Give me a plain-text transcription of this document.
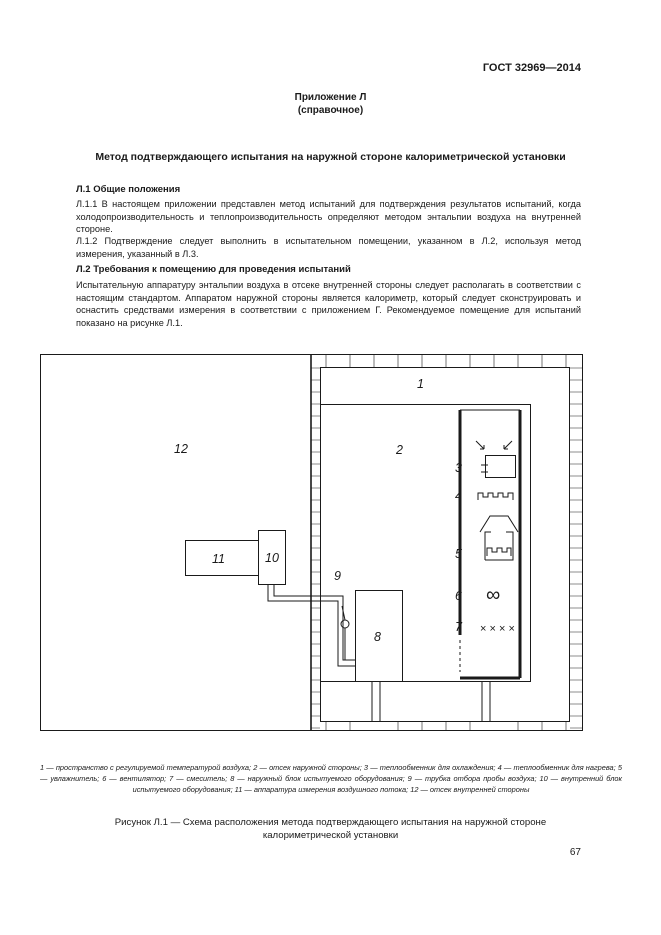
ГОСТ 32969—2014
Приложение Л
(справочное)
Метод подтверждающего испытания на наружной стороне калориметрической установки
Л.1 Общие положения
Л.1.1 В настоящем приложении представлен метод испытаний для подтверждения результатов испытаний, когда холодопроизводительность и теплопроизводительность определяют методом энтальпии воздуха на внутренней стороне.
Л.1.2 Подтверждение следует выполнить в испытательном помещении, указанном в Л.2, используя метод измерения, указанный в Л.3.
Л.2 Требования к помещению для проведения испытаний
Испытательную аппаратуру энтальпии воздуха в отсеке внутренней стороны следует располагать в соответствии с настоящим стандартом. Аппаратом наружной стороны является калориметр, который следует сконструировать и оснастить средствами измерения в соответствии с приложением Г. Рекомендуемое помещение для испытаний показано на рисунке Л.1.
1
2
3
4
5
6
7
8
9
10
11
12
× × × ×
∞
1 — пространство с регулируемой температурой воздуха; 2 — отсек наружной стороны; 3 — теплообменник для охлаждения; 4 — теплообменник для нагрева; 5 — увлажнитель; 6 — вентилятор; 7 — смеситель; 8 — наружный блок испытуемого оборудования; 9 — трубка отбора пробы воздуха; 10 — внутренний блок испытуемого оборудования; 11 — аппаратура измерения воздушного потока; 12 — отсек внутренней стороны
Рисунок Л.1 — Схема расположения метода подтверждающего испытания на наружной стороне калориметрической установки
67
